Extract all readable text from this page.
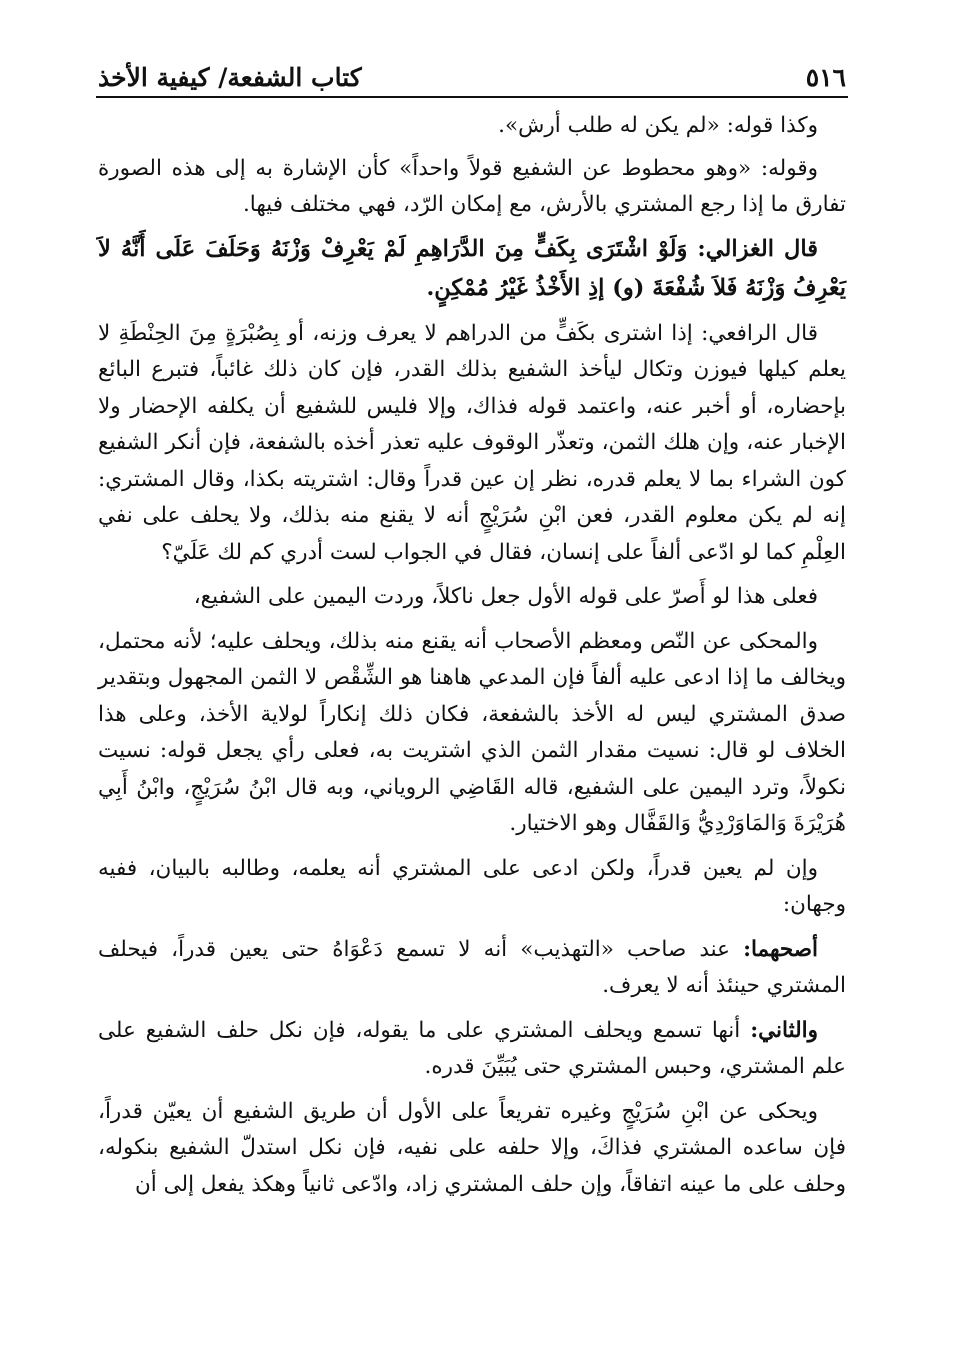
٥١٦
كتاب الشفعة/ كيفية الأخذ

وكذا قوله: «لم يكن له طلب أرش».

وقوله: «وهو محطوط عن الشفيع قولاً واحداً» كأن الإشارة به إلى هذه الصورة تفارق ما إذا رجع المشتري بالأرش، مع إمكان الرّد، فهي مختلف فيها.

قال الغزالي: وَلَوْ اشْتَرَى بِكَفٍّ مِنَ الدَّرَاهِمِ لَمْ يَعْرِفْ وَزْنَهُ وَحَلَفَ عَلَى أَنَّهُ لاَ يَعْرِفُ وَزْنَهُ فَلاَ شُفْعَةَ (و) إذِ الأَخْذُ غَيْرُ مُمْكِنٍ.

قال الرافعي: إذا اشترى بكَفٍّ من الدراهم لا يعرف وزنه، أو بِصُبْرَةٍ مِنَ الحِنْطَةِ لا يعلم كيلها فيوزن وتكال ليأخذ الشفيع بذلك القدر، فإن كان ذلك غائباً، فتبرع البائع بإحضاره، أو أخبر عنه، واعتمد قوله فذاك، وإلا فليس للشفيع أن يكلفه الإحضار ولا الإخبار عنه، وإن هلك الثمن، وتعذّر الوقوف عليه تعذر أخذه بالشفعة، فإن أنكر الشفيع كون الشراء بما لا يعلم قدره، نظر إن عين قدراً وقال: اشتريته بكذا، وقال المشتري: إنه لم يكن معلوم القدر، فعن ابْنِ سُرَيْجٍ أنه لا يقنع منه بذلك، ولا يحلف على نفي العِلْمِ كما لو ادّعى ألفاً على إنسان، فقال في الجواب لست أدري كم لك عَلَيّ؟

فعلى هذا لو أَصرّ على قوله الأول جعل ناكلاً، وردت اليمين على الشفيع،

والمحكى عن النّص ومعظم الأصحاب أنه يقنع منه بذلك، ويحلف عليه؛ لأنه محتمل، ويخالف ما إذا ادعى عليه ألفاً فإن المدعي هاهنا هو الشِّقْص لا الثمن المجهول وبتقدير صدق المشتري ليس له الأخذ بالشفعة، فكان ذلك إنكاراً لولاية الأخذ، وعلى هذا الخلاف لو قال: نسيت مقدار الثمن الذي اشتريت به، فعلى رأي يجعل قوله: نسيت نكولاً، وترد اليمين على الشفيع، قاله القَاضِي الروياني، وبه قال ابْنُ سُرَيْجٍ، وابْنُ أَبِي هُرَيْرَةَ وَالمَاوَرْدِيُّ وَالقَفَّال وهو الاختيار.

وإن لم يعين قدراً، ولكن ادعى على المشتري أنه يعلمه، وطالبه بالبيان، ففيه وجهان:

أصحهما: عند صاحب «التهذيب» أنه لا تسمع دَعْوَاهُ حتى يعين قدراً، فيحلف المشتري حينئذ أنه لا يعرف.

والثاني: أنها تسمع ويحلف المشتري على ما يقوله، فإن نكل حلف الشفيع على علم المشتري، وحبس المشتري حتى يُبَيِّنَ قدره.

ويحكى عن ابْنِ سُرَيْجٍ وغيره تفريعاً على الأول أن طريق الشفيع أن يعيّن قدراً، فإن ساعده المشتري فذاكَ، وإلا حلفه على نفيه، فإن نكل استدلّ الشفيع بنكوله، وحلف على ما عينه اتفاقاً، وإن حلف المشتري زاد، وادّعى ثانياً وهكذ يفعل إلى أن
